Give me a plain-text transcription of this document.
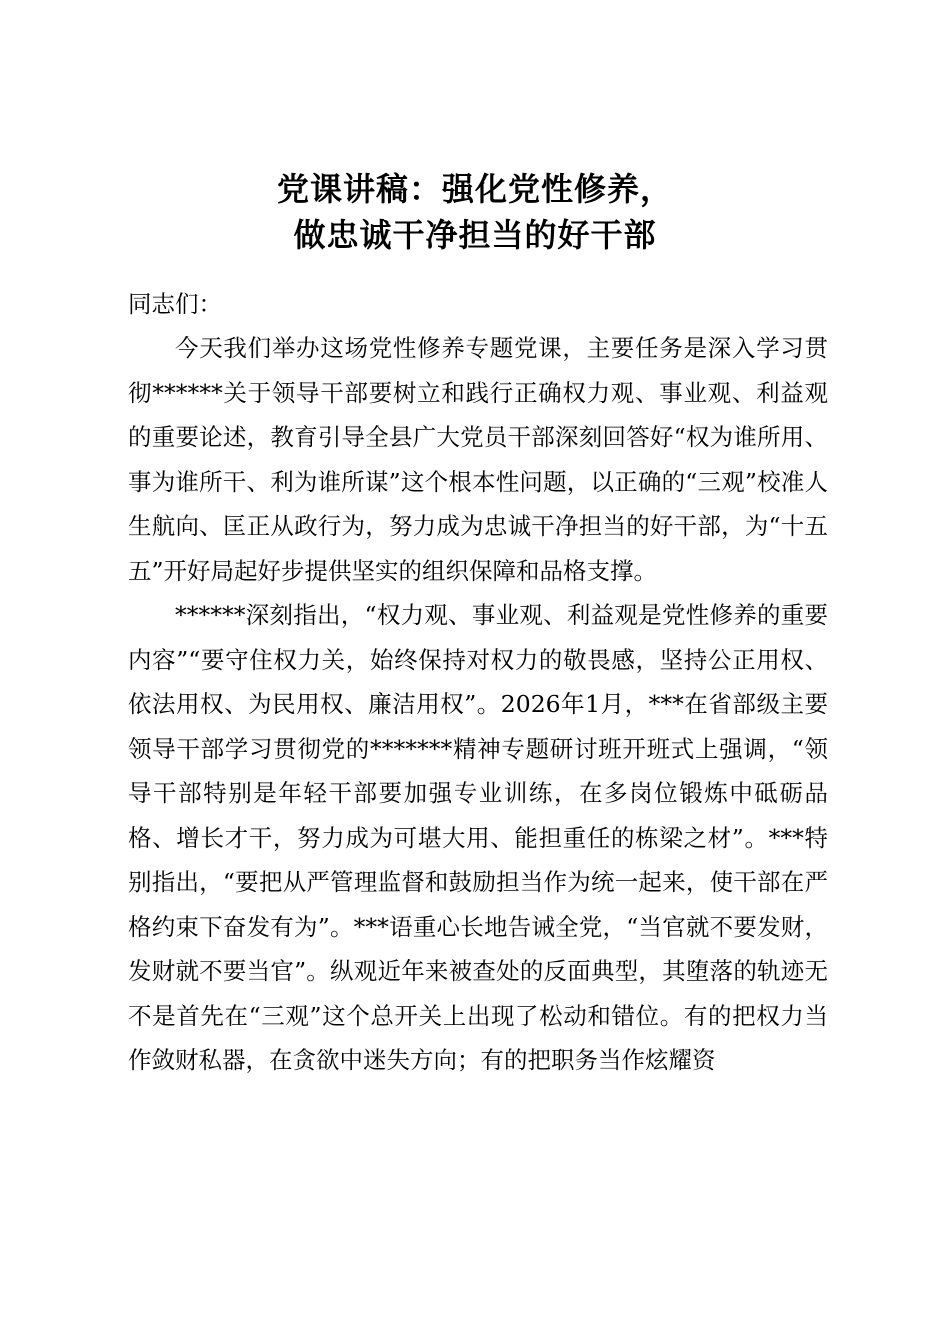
党课讲稿：强化党性修养，
做忠诚干净担当的好干部
同志们：

今天我们举办这场党性修养专题党课，主要任务是深入学习贯彻******关于领导干部要树立和践行正确权力观、事业观、利益观的重要论述，教育引导全县广大党员干部深刻回答好“权为谁所用、事为谁所干、利为谁所谋”这个根本性问题，以正确的“三观”校准人生航向、匡正从政行为，努力成为忠诚干净担当的好干部，为“十五五”开好局起好步提供坚实的组织保障和品格支撑。

******深刻指出，“权力观、事业观、利益观是党性修养的重要内容”“要守住权力关，始终保持对权力的敬畏感，坚持公正用权、依法用权、为民用权、廉洁用权”。2026年1月，***在省部级主要领导干部学习贯彻党的*******精神专题研讨班开班式上强调，“领导干部特别是年轻干部要加强专业训练，在多岗位锻炼中砥砺品格、增长才干，努力成为可堪大用、能担重任的栋梁之材”。***特别指出，“要把从严管理监督和鼓励担当作为统一起来，使干部在严格约束下奋发有为”。***语重心长地告诫全党，“当官就不要发财，发财就不要当官”。纵观近年来被查处的反面典型，其堕落的轨迹无不是首先在“三观”这个总开关上出现了松动和错位。有的把权力当作敛财私器，在贪欲中迷失方向；有的把职务当作炫耀资
